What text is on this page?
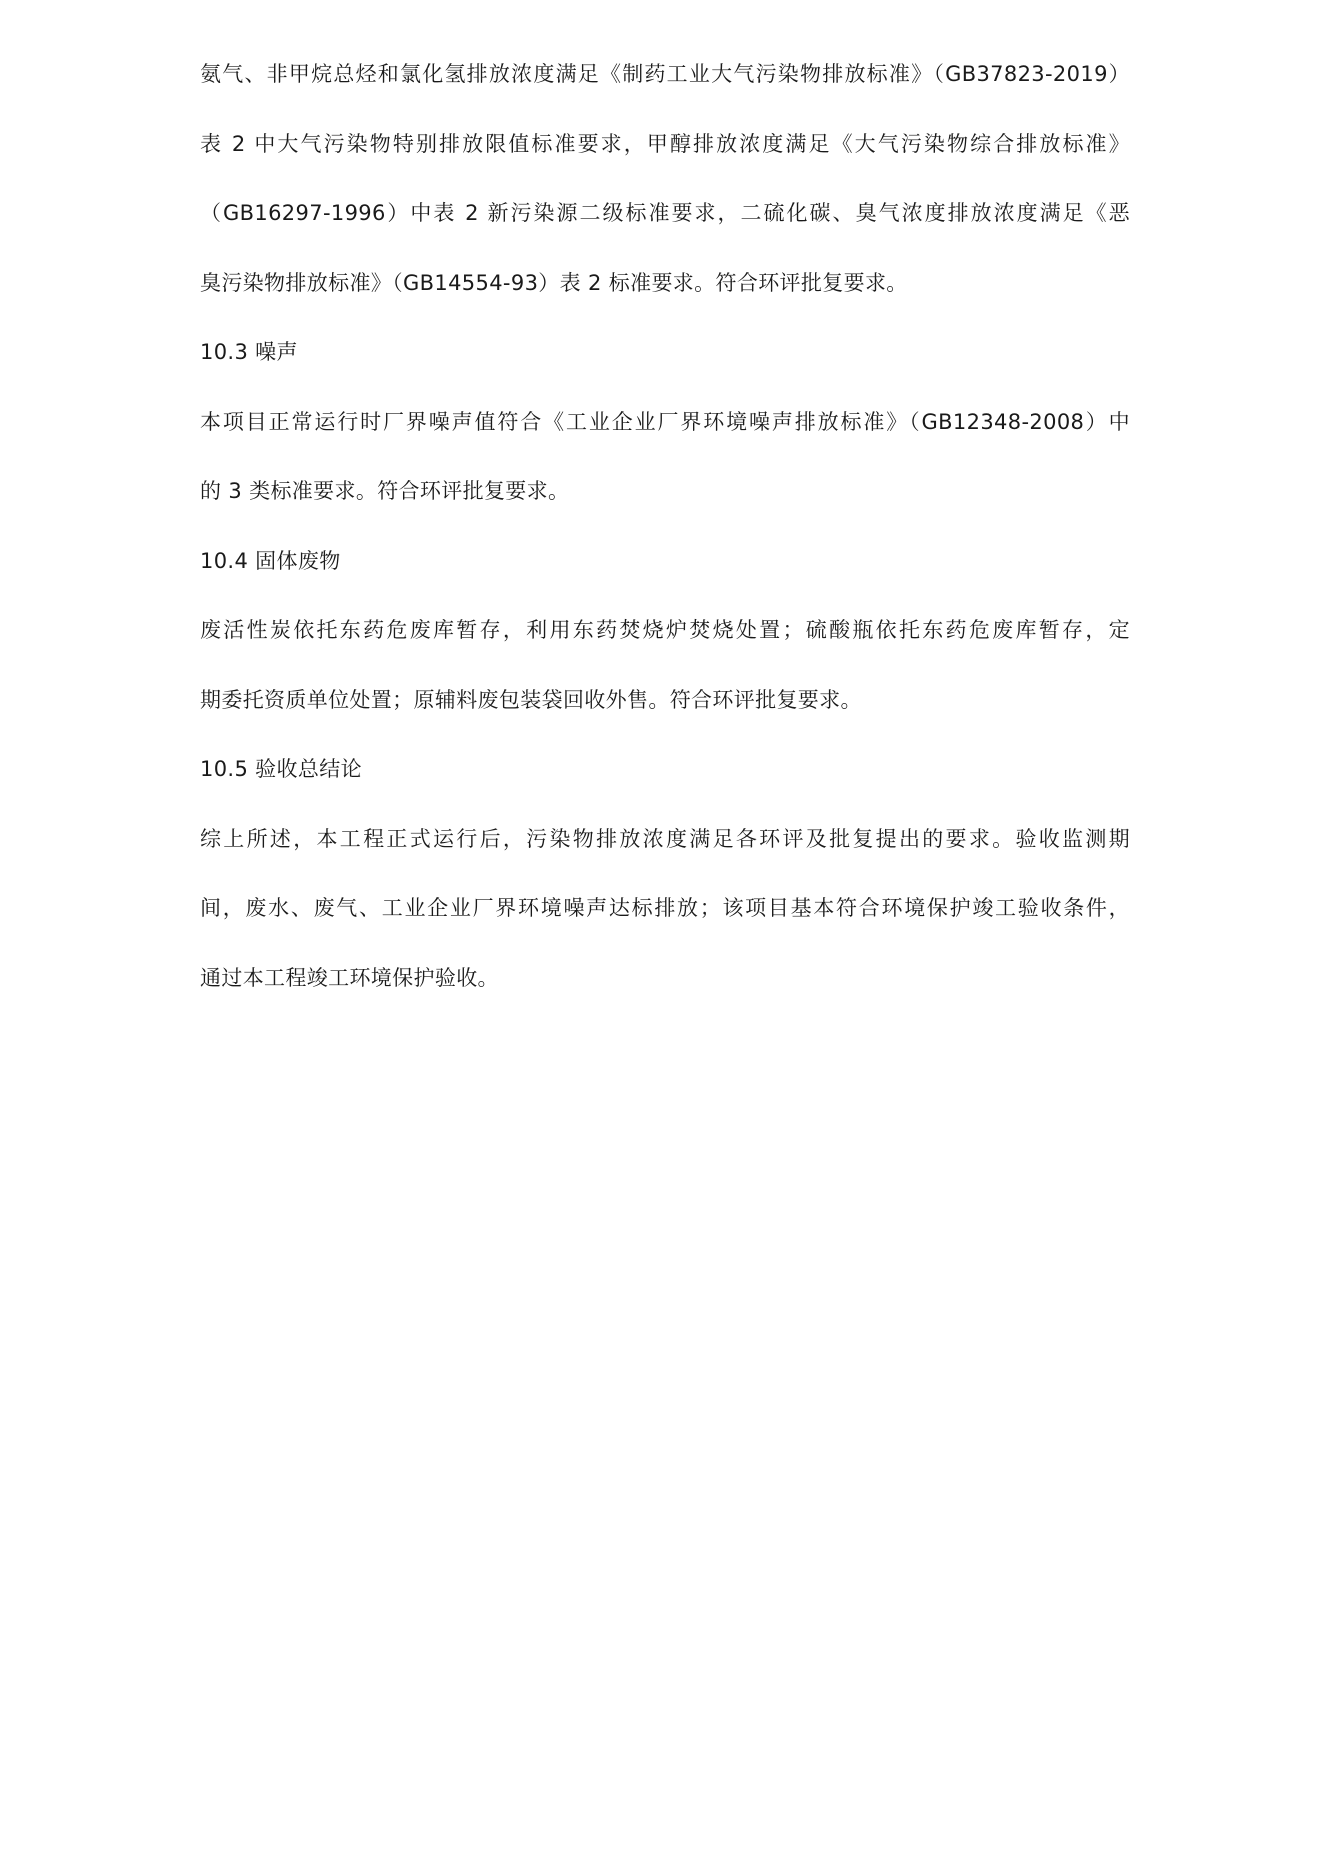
氨气、非甲烷总烃和氯化氢排放浓度满足《制药工业大气污染物排放标准》（GB37823-2019）
表 2 中大气污染物特别排放限值标准要求，甲醇排放浓度满足《大气污染物综合排放标准》
（GB16297-1996）中表 2 新污染源二级标准要求，二硫化碳、臭气浓度排放浓度满足《恶
臭污染物排放标准》（GB14554-93）表 2 标准要求。符合环评批复要求。
10.3 噪声
本项目正常运行时厂界噪声值符合《工业企业厂界环境噪声排放标准》（GB12348-2008）中
的 3 类标准要求。符合环评批复要求。
10.4 固体废物
废活性炭依托东药危废库暂存，利用东药焚烧炉焚烧处置；硫酸瓶依托东药危废库暂存，定
期委托资质单位处置；原辅料废包装袋回收外售。符合环评批复要求。
10.5 验收总结论
综上所述，本工程正式运行后，污染物排放浓度满足各环评及批复提出的要求。验收监测期
间，废水、废气、工业企业厂界环境噪声达标排放；该项目基本符合环境保护竣工验收条件，
通过本工程竣工环境保护验收。
